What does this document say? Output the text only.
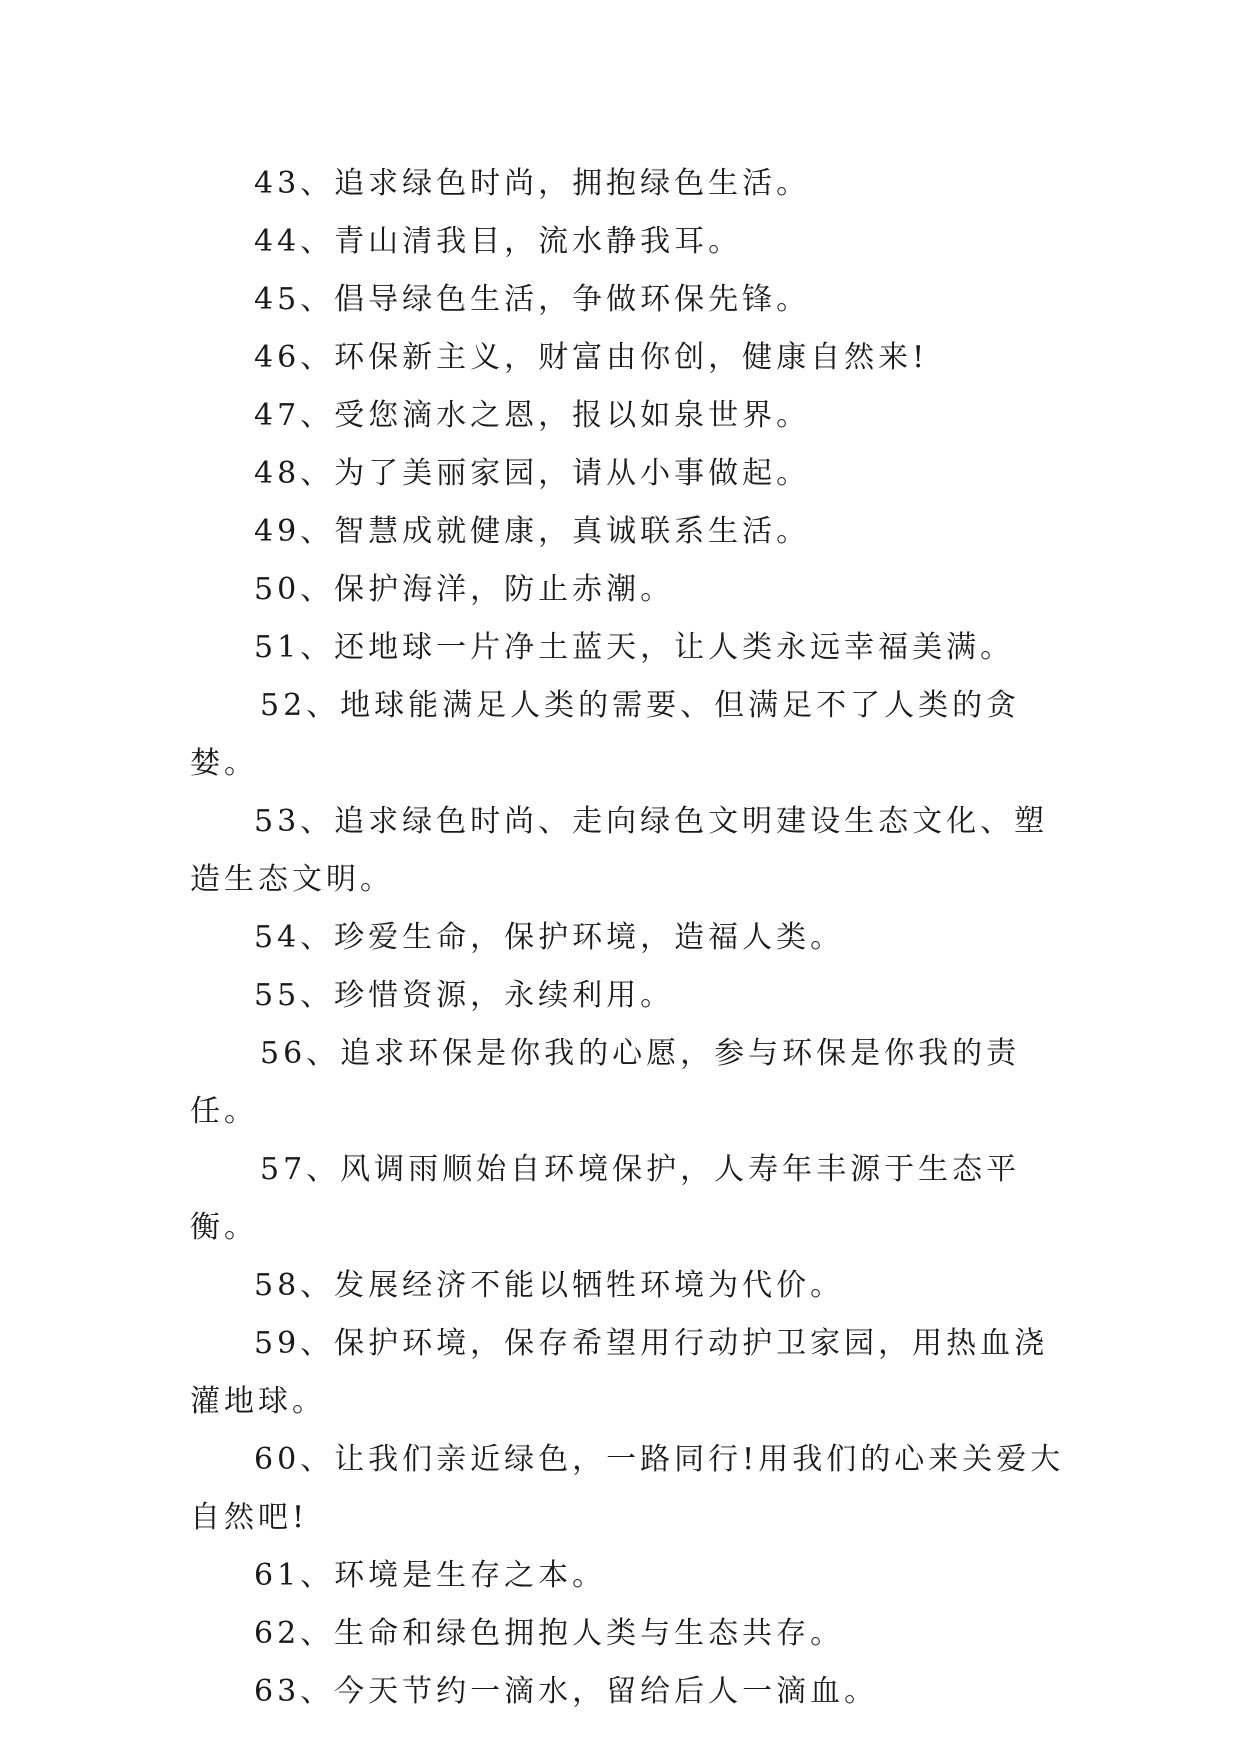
43、追求绿色时尚，拥抱绿色生活。

44、青山清我目，流水静我耳。

45、倡导绿色生活，争做环保先锋。

46、环保新主义，财富由你创，健康自然来!

47、受您滴水之恩，报以如泉世界。

48、为了美丽家园，请从小事做起。

49、智慧成就健康，真诚联系生活。

50、保护海洋，防止赤潮。

51、还地球一片净土蓝天，让人类永远幸福美满。

52、地球能满足人类的需要、但满足不了人类的贪婪。

53、追求绿色时尚、走向绿色文明建设生态文化、塑造生态文明。

54、珍爱生命，保护环境，造福人类。

55、珍惜资源，永续利用。

56、追求环保是你我的心愿，参与环保是你我的责任。

57、风调雨顺始自环境保护，人寿年丰源于生态平衡。

58、发展经济不能以牺牲环境为代价。

59、保护环境，保存希望用行动护卫家园，用热血浇灌地球。

60、让我们亲近绿色，一路同行!用我们的心来关爱大自然吧!

61、环境是生存之本。

62、生命和绿色拥抱人类与生态共存。

63、今天节约一滴水，留给后人一滴血。
